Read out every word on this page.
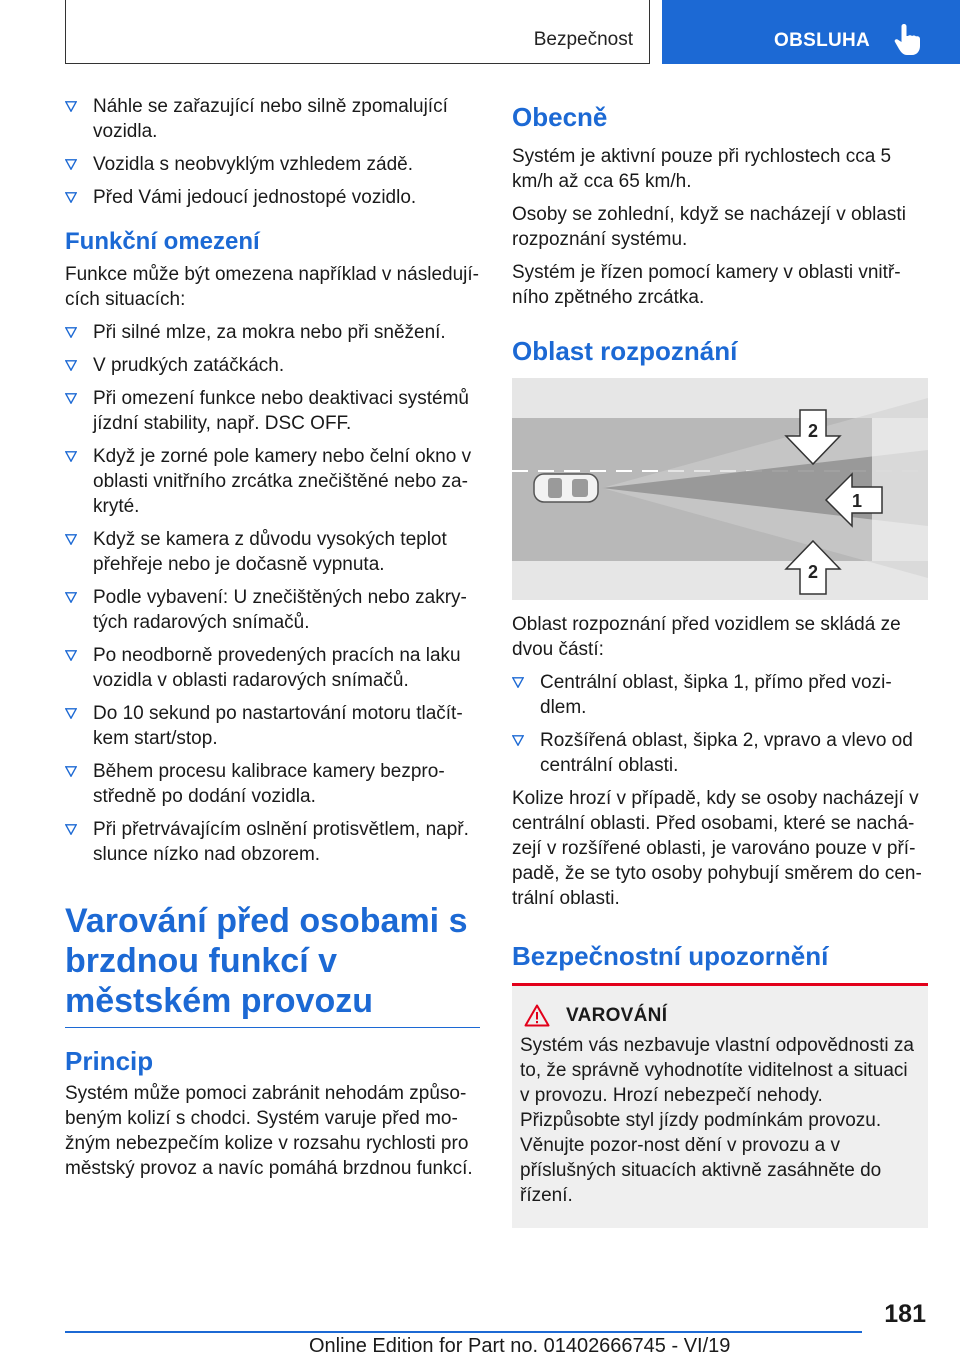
Bezpečnost	OBSLUHA
Náhle se zařazující nebo silně zpomalující vozidla.
Vozidla s neobvyklým vzhledem zádě.
Před Vámi jedoucí jednostopé vozidlo.
Funkční omezení
Funkce může být omezena například v následují-cích situacích:
Při silné mlze, za mokra nebo při sněžení.
V prudkých zatáčkách.
Při omezení funkce nebo deaktivaci systémů jízdní stability, např. DSC OFF.
Když je zorné pole kamery nebo čelní okno v oblasti vnitřního zrcátka znečištěné nebo za-kryté.
Když se kamera z důvodu vysokých teplot přehřeje nebo je dočasně vypnuta.
Podle vybavení: U znečištěných nebo zakry-tých radarových snímačů.
Po neodborně provedených pracích na laku vozidla v oblasti radarových snímačů.
Do 10 sekund po nastartování motoru tlačít-kem start/stop.
Během procesu kalibrace kamery bezpro-středně po dodání vozidla.
Při přetrvávajícím oslnění protisvětlem, např. slunce nízko nad obzorem.
Varování před osobami s brzdnou funkcí v městském provozu
Princip
Systém může pomoci zabránit nehodám způso-beným kolizí s chodci. Systém varuje před mo-žným nebezpečím kolize v rozsahu rychlosti pro městský provoz a navíc pomáhá brzdnou funkcí.
Obecně
Systém je aktivní pouze při rychlostech cca 5 km/h až cca 65 km/h.
Osoby se zohlední, když se nacházejí v oblasti rozpoznání systému.
Systém je řízen pomocí kamery v oblasti vnitř-ního zpětného zrcátka.
Oblast rozpoznání
2
1
2
Oblast rozpoznání před vozidlem se skládá ze dvou částí:
Centrální oblast, šipka 1, přímo před vozi-dlem.
Rozšířená oblast, šipka 2, vpravo a vlevo od centrální oblasti.
Kolize hrozí v případě, kdy se osoby nacházejí v centrální oblasti. Před osobami, které se nachá-zejí v rozšířené oblasti, je varováno pouze v pří-padě, že se tyto osoby pohybují směrem do cen-trální oblasti.
Bezpečnostní upozornění
VAROVÁNÍ
Systém vás nezbavuje vlastní odpovědnosti za to, že správně vyhodnotíte viditelnost a situaci v provozu. Hrozí nebezpečí nehody. Přizpůsobte styl jízdy podmínkám provozu. Věnujte pozor-nost dění v provozu a v příslušných situacích aktivně zasáhněte do řízení.
181
Online Edition for Part no. 01402666745 - VI/19
